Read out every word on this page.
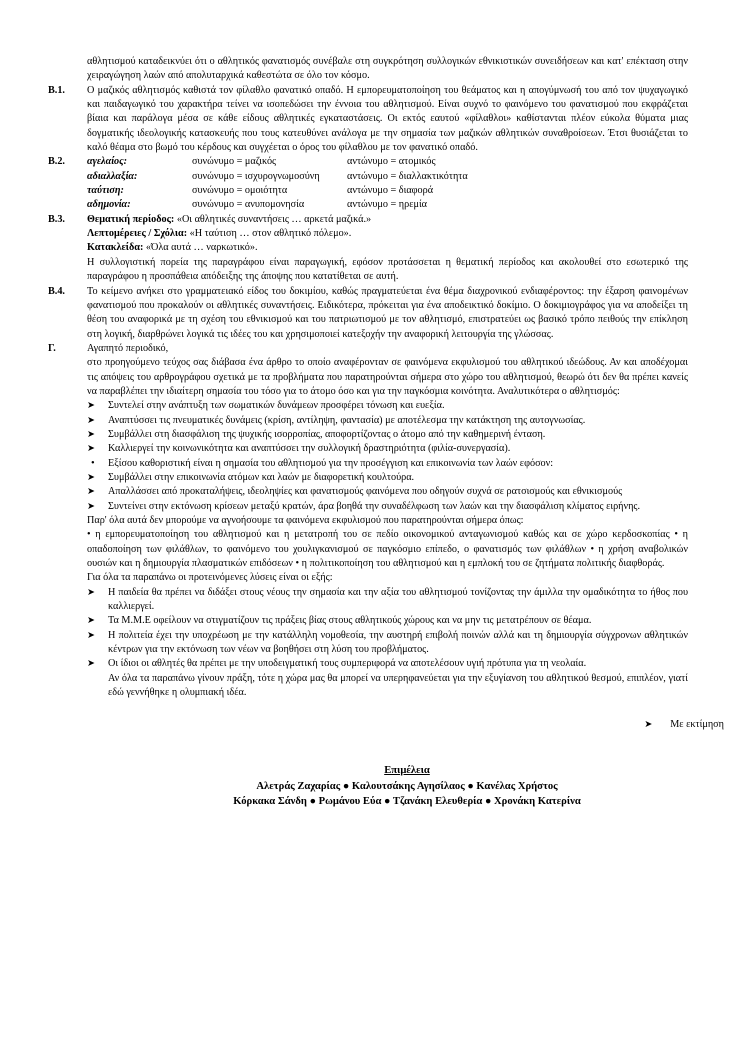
αθλητισμού καταδεικνύει ότι ο αθλητικός φανατισμός συνέβαλε στη συγκρότηση συλλογικών εθνικιστικών συνειδήσεων και κατ' επέκταση στην χειραγώγηση λαών από απολυταρχικά καθεστώτα σε όλο τον κόσμο.

Β.1.	Ο μαζικός αθλητισμός καθιστά τον φίλαθλο φανατικό οπαδό. Η εμπορευματοποίηση του θεάματος και η απογύμνωσή του από τον ψυχαγωγικό και παιδαγωγικό του χαρακτήρα τείνει να ισοπεδώσει την έννοια του αθλητισμού. Είναι συχνό το φαινόμενο του φανατισμού που εκφράζεται βίαια και παράλογα μέσα σε κάθε είδους αθλητικές εγκαταστάσεις. Οι εκτός εαυτού «φίλαθλοι» καθίστανται πλέον εύκολα θύματα μιας δογματικής ιδεολογικής κατασκευής που τους κατευθύνει ανάλογα με την σημασία των μαζικών αθλητικών συναθροίσεων. Έτσι θυσιάζεται το καλό θέαμα στο βωμό του κέρδους και συγχέεται ο όρος του φίλαθλου με τον φανατικό οπαδό.

Β.2.	αγελαίος:	συνώνυμο = μαζικός	αντώνυμο = ατομικός
αδιαλλαξία:	συνώνυμο = ισχυρογνωμοσύνη	αντώνυμο = διαλλακτικότητα
ταύτιση:	συνώνυμο = ομοιότητα	αντώνυμο = διαφορά
αδημονία:	συνώνυμο = ανυπομονησία	αντώνυμο = ηρεμία
Β.3.	Θεματική περίοδος: «Οι αθλητικές συναντήσεις … αρκετά μαζικά.»

Λεπτομέρειες / Σχόλια: «Η ταύτιση … στον αθλητικό πόλεμο».

Κατακλείδα: «Όλα αυτά … ναρκωτικό».

Η συλλογιστική πορεία της παραγράφου είναι παραγωγική, εφόσον προτάσσεται η θεματική περίοδος και ακολουθεί στο εσωτερικό της παραγράφου η προσπάθεια απόδειξης της άποψης που κατατίθεται σε αυτή.

Β.4.	Το κείμενο ανήκει στο γραμματειακό είδος του δοκιμίου, καθώς πραγματεύεται ένα θέμα διαχρονικού ενδιαφέροντος: την έξαρση φαινομένων φανατισμού που προκαλούν οι αθλητικές συναντήσεις. Ειδικότερα, πρόκειται για ένα αποδεικτικό δοκίμιο. Ο δοκιμιογράφος για να αποδείξει τη θέση του αναφορικά με τη σχέση του εθνικισμού και του πατριωτισμού με τον αθλητισμό, επιστρατεύει ως βασικό τρόπο πειθούς την επίκληση στη λογική, διαρθρώνει λογικά τις ιδέες του και χρησιμοποιεί κατεξοχήν την αναφορική λειτουργία της γλώσσας.

Γ.	Αγαπητό περιοδικό,

στο προηγούμενο τεύχος σας διάβασα ένα άρθρο το οποίο αναφέρονταν σε φαινόμενα εκφυλισμού του αθλητικού ιδεώδους. Αν και αποδέχομαι τις απόψεις του αρθρογράφου σχετικά με τα προβλήματα που παρατηρούνται σήμερα στο χώρο του αθλητισμού, θεωρώ ότι δεν θα πρέπει κανείς να παραβλέπει την ιδιαίτερη σημασία του τόσο για το άτομο όσο και για την παγκόσμια κοινότητα. Αναλυτικότερα ο αθλητισμός:

➤ Συντελεί στην ανάπτυξη των σωματικών δυνάμεων προσφέρει τόνωση και ευεξία.
➤ Αναπτύσσει τις πνευματικές δυνάμεις (κρίση, αντίληψη, φαντασία) με αποτέλεσμα την κατάκτηση της αυτογνωσίας.
➤ Συμβάλλει στη διασφάλιση της ψυχικής ισορροπίας, αποφορτίζοντας ο άτομο από την καθημερινή ένταση.
➤ Καλλιεργεί την κοινωνικότητα και αναπτύσσει την συλλογική δραστηριότητα (φιλία-συνεργασία).
• Εξίσου καθοριστική είναι η σημασία του αθλητισμού για την προσέγγιση και επικοινωνία των λαών εφόσον:
➤ Συμβάλλει στην επικοινωνία ατόμων και λαών με διαφορετική κουλτούρα.
➤ Απαλλάσσει από προκαταλήψεις, ιδεοληψίες και φανατισμούς φαινόμενα που οδηγούν συχνά σε ρατσισμούς και εθνικισμούς
➤ Συντείνει στην εκτόνωση κρίσεων μεταξύ κρατών, άρα βοηθά την συναδέλφωση των λαών και την διασφάλιση κλίματος ειρήνης.

Παρ' όλα αυτά δεν μπορούμε να αγνοήσουμε τα φαινόμενα εκφυλισμού που παρατηρούνται σήμερα όπως:

• η εμπορευματοποίηση του αθλητισμού και η μετατροπή του σε πεδίο οικονομικού ανταγωνισμού καθώς και σε χώρο κερδοσκοπίας • η οπαδοποίηση των φιλάθλων, το φαινόμενο του χουλιγκανισμού σε παγκόσμιο επίπεδο, ο φανατισμός των φιλάθλων • η χρήση αναβολικών ουσιών και η δημιουργία πλασματικών επιδόσεων • η πολιτικοποίηση του αθλητισμού και η εμπλοκή του σε ζητήματα πολιτικής διαφθοράς.

Για όλα τα παραπάνω οι προτεινόμενες λύσεις είναι οι εξής:

➤ Η παιδεία θα πρέπει να διδάξει στους νέους την σημασία και την αξία του αθλητισμού τονίζοντας την άμιλλα την ομαδικότητα το ήθος που καλλιεργεί.
➤ Τα Μ.Μ.Ε οφείλουν να στιγματίζουν τις πράξεις βίας στους αθλητικούς χώρους και να μην τις μετατρέπουν σε θέαμα.
➤ Η πολιτεία έχει την υποχρέωση με την κατάλληλη νομοθεσία, την αυστηρή επιβολή ποινών αλλά και τη δημιουργία σύγχρονων αθλητικών κέντρων για την εκτόνωση των νέων να βοηθήσει στη λύση του προβλήματος.
➤ Οι ίδιοι οι αθλητές θα πρέπει με την υποδειγματική τους συμπεριφορά να αποτελέσουν υγιή πρότυπα για τη νεολαία.

Αν όλα τα παραπάνω γίνουν πράξη, τότε η χώρα μας θα μπορεί να υπερηφανεύεται για την εξυγίανση του αθλητικού θεσμού, επιπλέον, γιατί εδώ γεννήθηκε η ολυμπιακή ιδέα.

➤ Με εκτίμηση
Επιμέλεια
Αλετράς Ζαχαρίας ● Καλουτσάκης Αγησίλαος ● Κανέλας Χρήστος
Κόρκακα Σάνδη ● Ρωμάνου Εύα ● Τζανάκη Ελευθερία ● Χρονάκη Κατερίνα
